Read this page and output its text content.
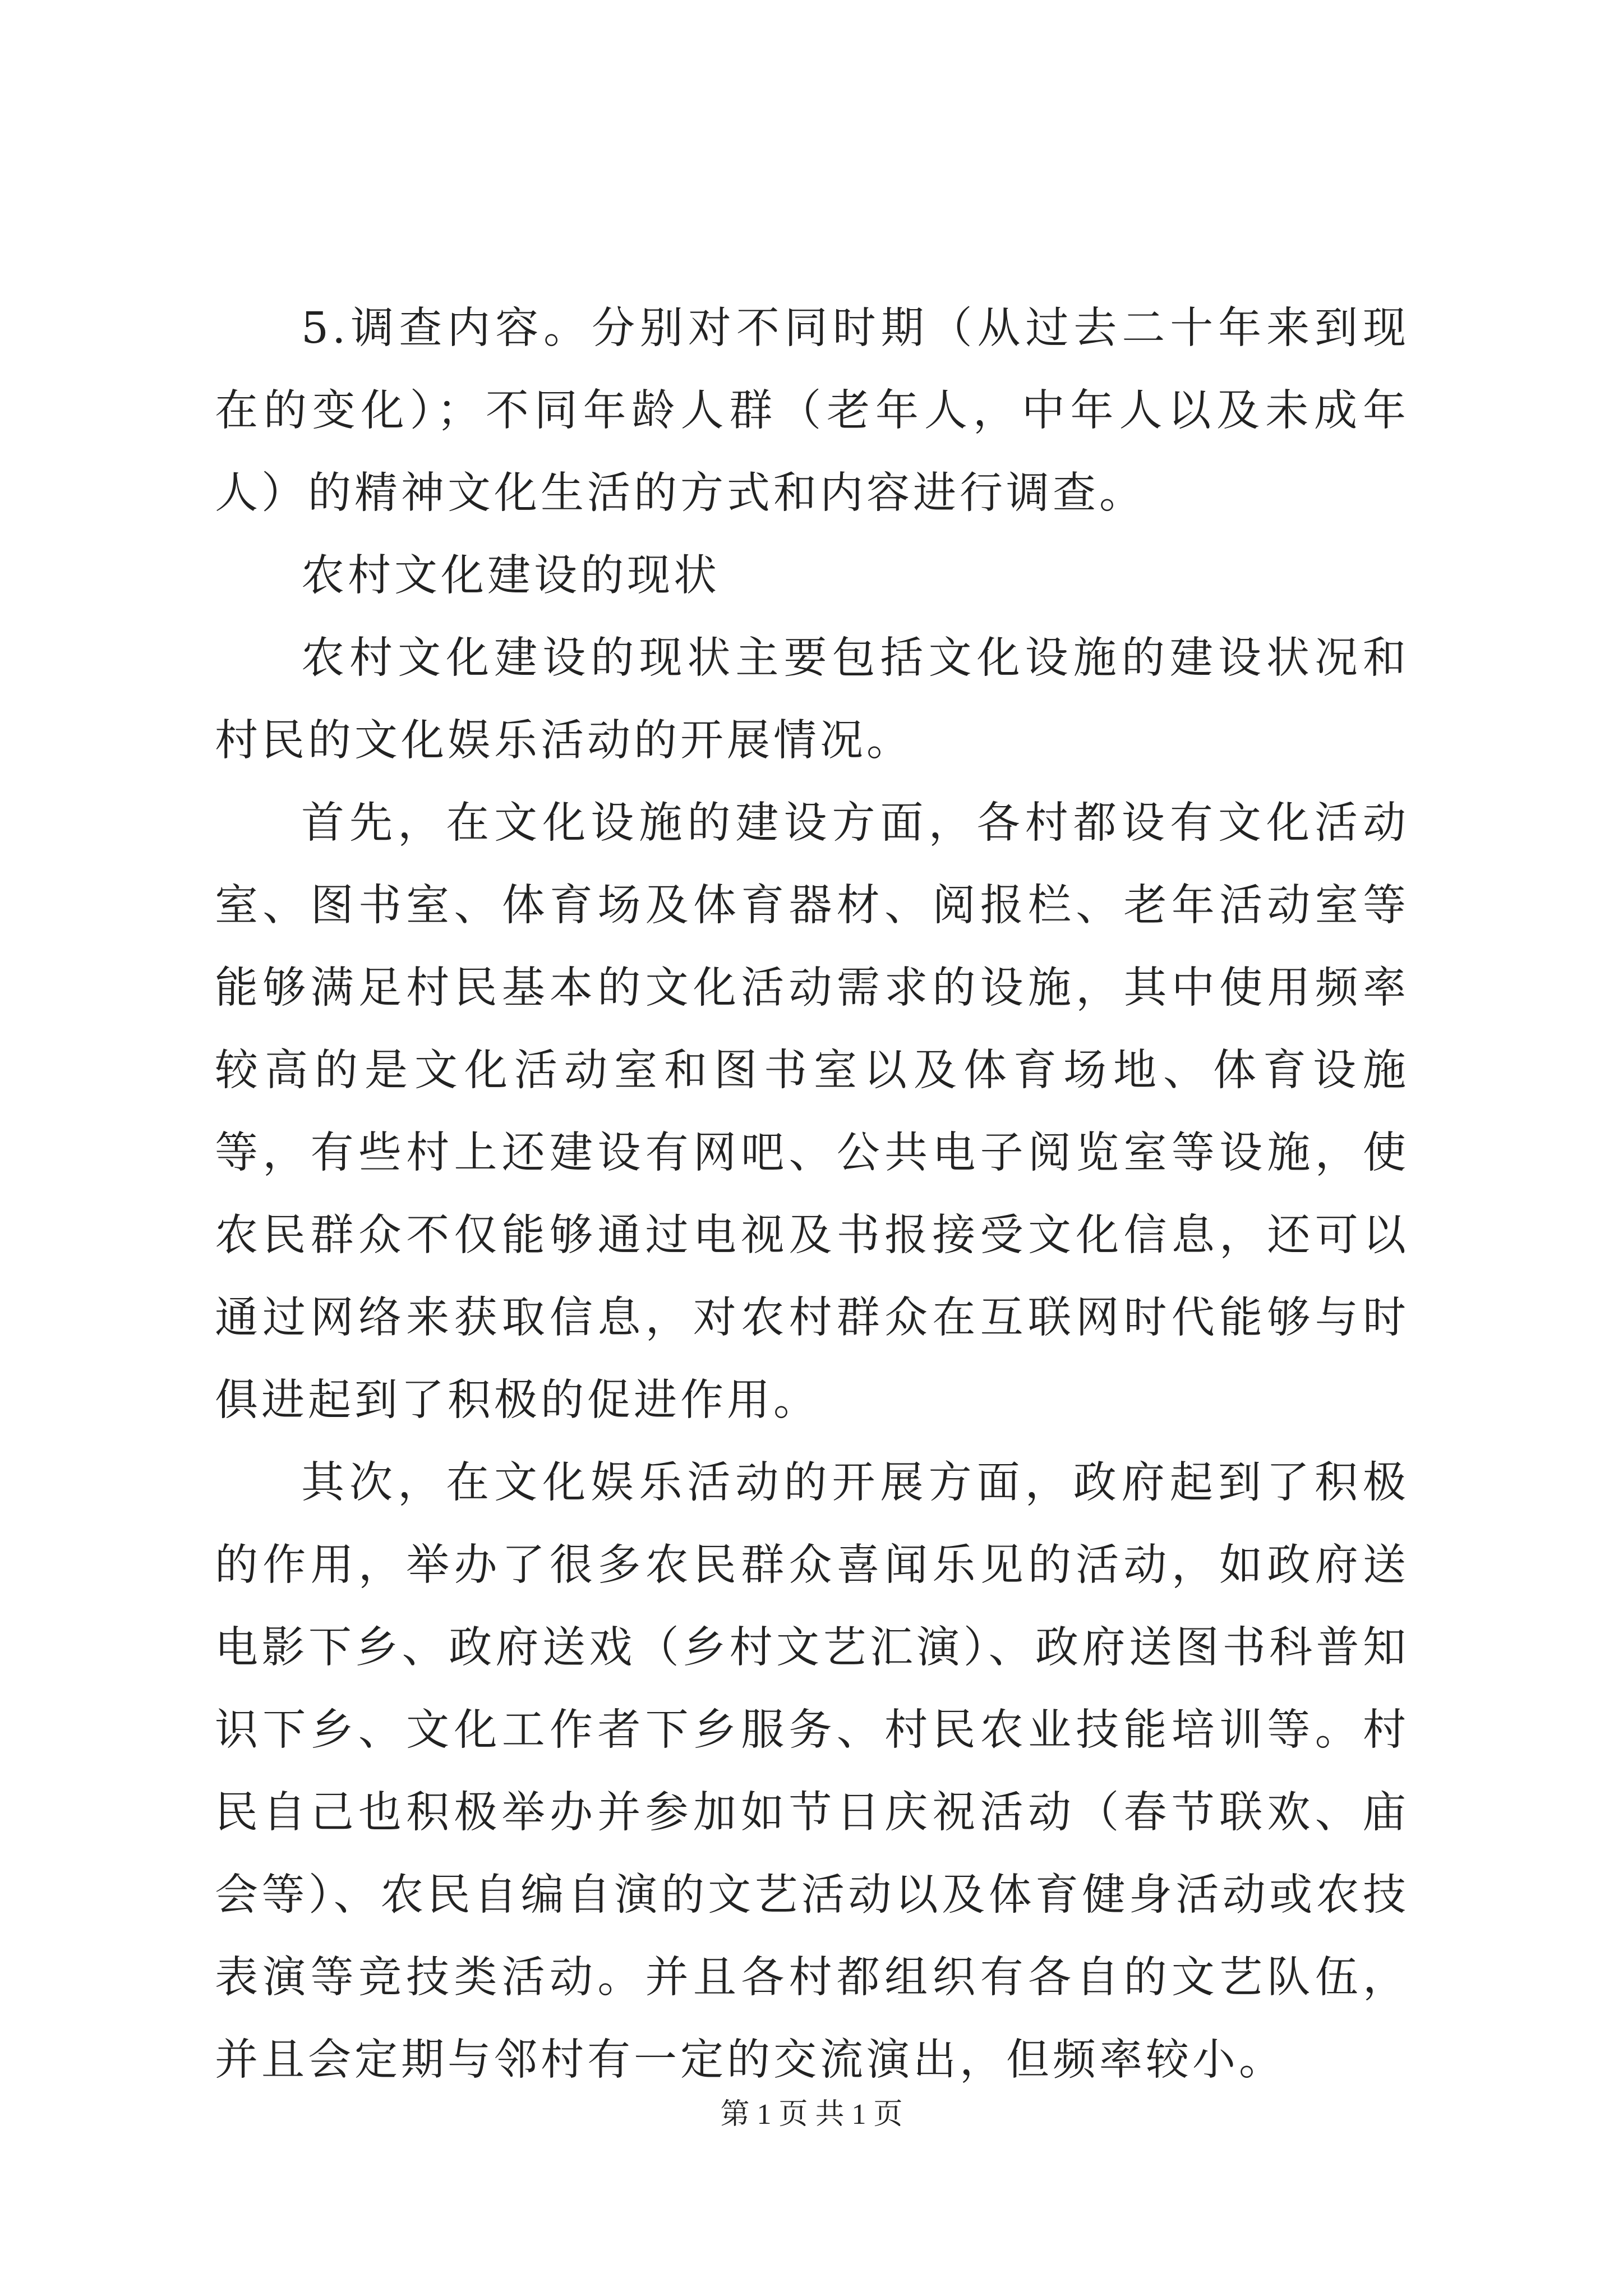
5.调查内容。分别对不同时期（从过去二十年来到现在的变化）；不同年龄人群（老年人，中年人以及未成年人）的精神文化生活的方式和内容进行调查。

农村文化建设的现状

农村文化建设的现状主要包括文化设施的建设状况和村民的文化娱乐活动的开展情况。

首先，在文化设施的建设方面，各村都设有文化活动室、图书室、体育场及体育器材、阅报栏、老年活动室等能够满足村民基本的文化活动需求的设施，其中使用频率较高的是文化活动室和图书室以及体育场地、体育设施等，有些村上还建设有网吧、公共电子阅览室等设施，使农民群众不仅能够通过电视及书报接受文化信息，还可以通过网络来获取信息，对农村群众在互联网时代能够与时俱进起到了积极的促进作用。

其次，在文化娱乐活动的开展方面，政府起到了积极的作用，举办了很多农民群众喜闻乐见的活动，如政府送电影下乡、政府送戏（乡村文艺汇演）、政府送图书科普知识下乡、文化工作者下乡服务、村民农业技能培训等。村民自己也积极举办并参加如节日庆祝活动（春节联欢、庙会等）、农民自编自演的文艺活动以及体育健身活动或农技表演等竞技类活动。并且各村都组织有各自的文艺队伍，并且会定期与邻村有一定的交流演出，但频率较小。

第 1 页 共 1 页
